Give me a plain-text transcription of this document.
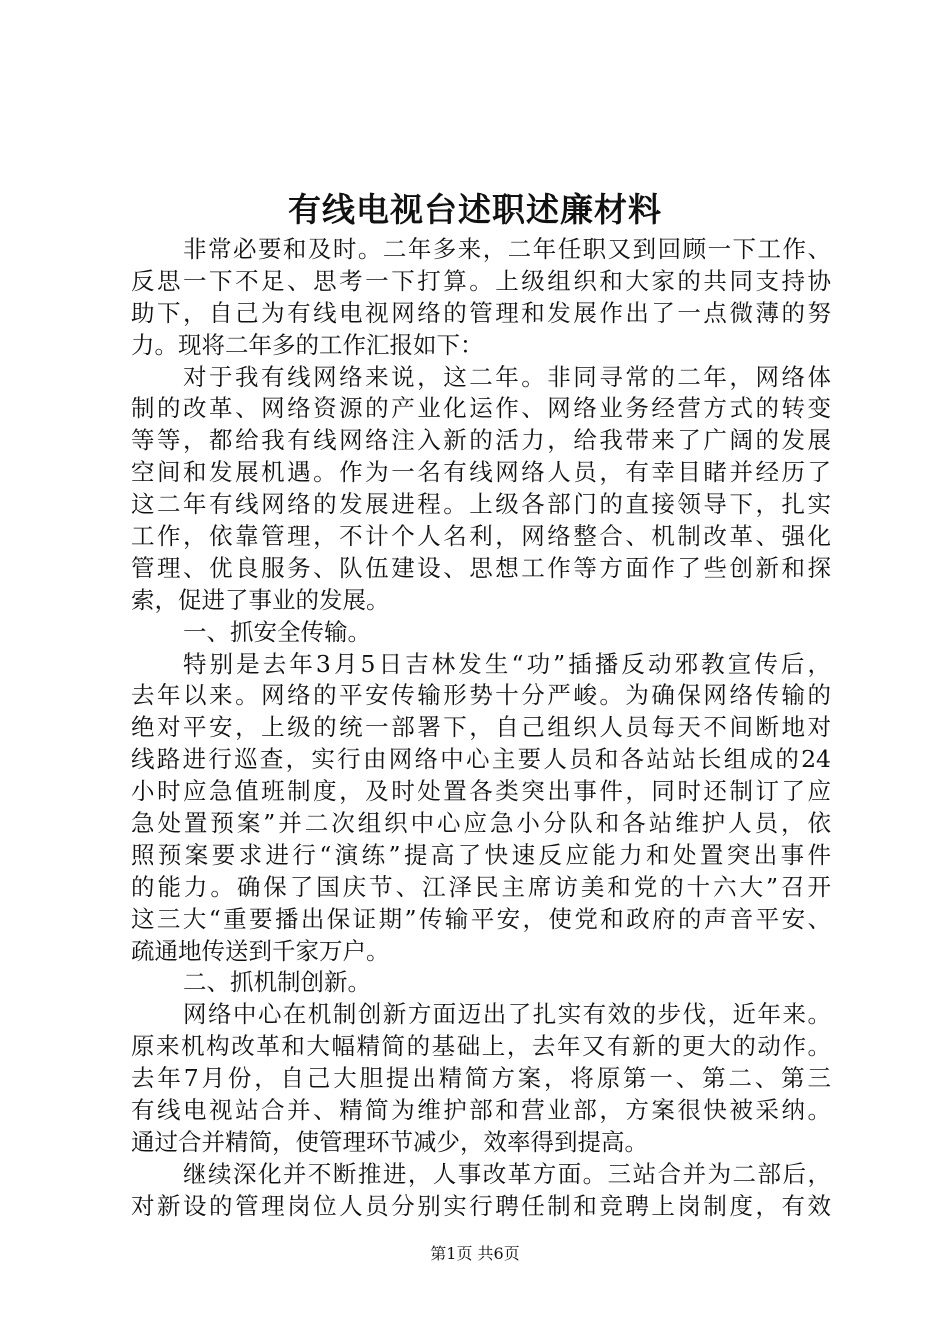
有线电视台述职述廉材料
非常必要和及时。二年多来，二年任职又到回顾一下工作、
反思一下不足、思考一下打算。上级组织和大家的共同支持协
助下，自己为有线电视网络的管理和发展作出了一点微薄的努
力。现将二年多的工作汇报如下：
对于我有线网络来说，这二年。非同寻常的二年，网络体
制的改革、网络资源的产业化运作、网络业务经营方式的转变
等等，都给我有线网络注入新的活力，给我带来了广阔的发展
空间和发展机遇。作为一名有线网络人员，有幸目睹并经历了
这二年有线网络的发展进程。上级各部门的直接领导下，扎实
工作，依靠管理，不计个人名利，网络整合、机制改革、强化
管理、优良服务、队伍建设、思想工作等方面作了些创新和探
索，促进了事业的发展。
一、抓安全传输。
特别是去年3月5日吉林发生“功”插播反动邪教宣传后，
去年以来。网络的平安传输形势十分严峻。为确保网络传输的
绝对平安，上级的统一部署下，自己组织人员每天不间断地对
线路进行巡查，实行由网络中心主要人员和各站站长组成的24
小时应急值班制度，及时处置各类突出事件，同时还制订了应
急处置预案”并二次组织中心应急小分队和各站维护人员，依
照预案要求进行“演练”提高了快速反应能力和处置突出事件
的能力。确保了国庆节、江泽民主席访美和党的十六大”召开
这三大“重要播出保证期”传输平安，使党和政府的声音平安、
疏通地传送到千家万户。
二、抓机制创新。
网络中心在机制创新方面迈出了扎实有效的步伐，近年来。
原来机构改革和大幅精简的基础上，去年又有新的更大的动作。
去年7月份，自己大胆提出精简方案，将原第一、第二、第三
有线电视站合并、精简为维护部和营业部，方案很快被采纳。
通过合并精简，使管理环节减少，效率得到提高。
继续深化并不断推进，人事改革方面。三站合并为二部后，
对新设的管理岗位人员分别实行聘任制和竞聘上岗制度，有效
第1页 共6页
